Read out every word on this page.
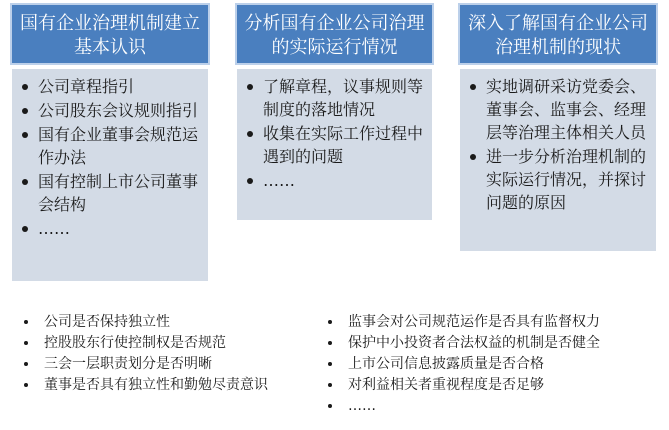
国有企业治理机制建立基本认识
公司章程指引
公司股东会议规则指引
国有企业董事会规范运作办法
国有控制上市公司董事会结构
……
分析国有企业公司治理的实际运行情况
了解章程，议事规则等制度的落地情况
收集在实际工作过程中遇到的问题
……
深入了解国有企业公司治理机制的现状
实地调研采访党委会、董事会、监事会、经理层等治理主体相关人员
进一步分析治理机制的实际运行情况，并探讨问题的原因
公司是否保持独立性
控股股东行使控制权是否规范
三会一层职责划分是否明晰
董事是否具有独立性和勤勉尽责意识
监事会对公司规范运作是否具有监督权力
保护中小投资者合法权益的机制是否健全
上市公司信息披露质量是否合格
对利益相关者重视程度是否足够
……
